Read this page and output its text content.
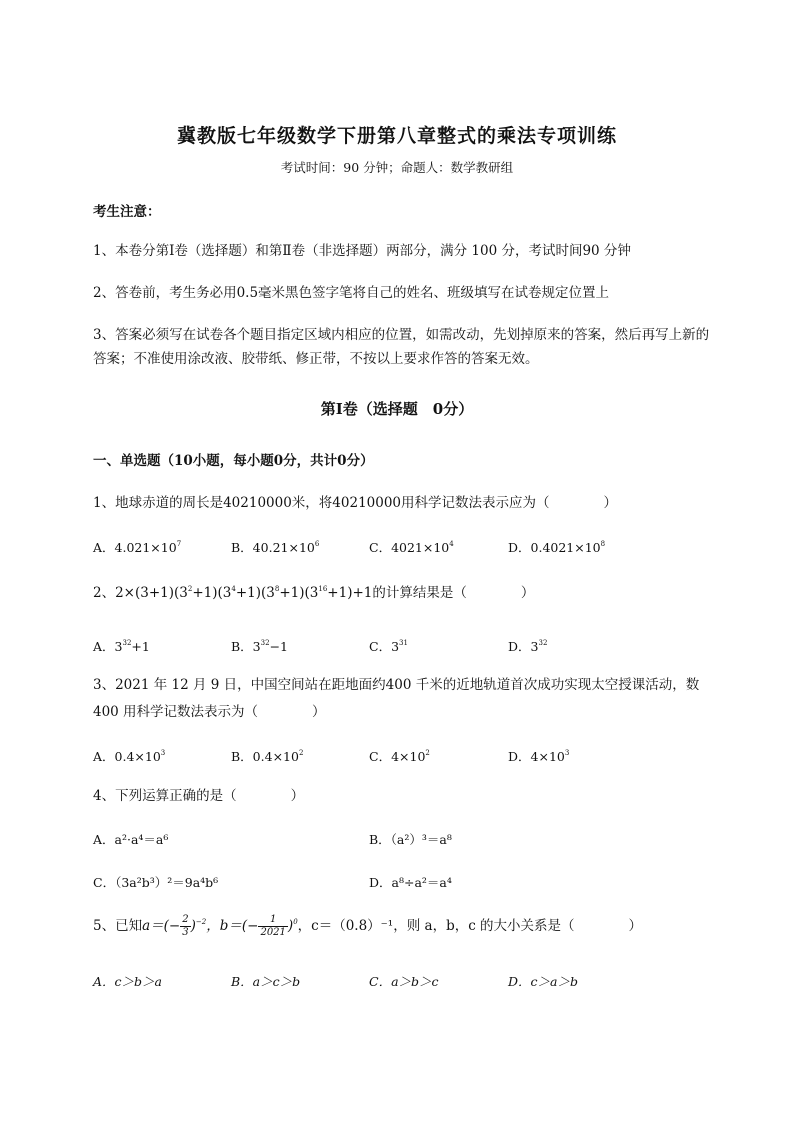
冀教版七年级数学下册第八章整式的乘法专项训练
考试时间：90 分钟；命题人：数学教研组
考生注意：
1、本卷分第Ⅰ卷（选择题）和第Ⅱ卷（非选择题）两部分，满分 100 分，考试时间90 分钟
2、答卷前，考生务必用0.5毫米黑色签字笔将自己的姓名、班级填写在试卷规定位置上
3、答案必须写在试卷各个题目指定区域内相应的位置，如需改动，先划掉原来的答案，然后再写上新的答案；不准使用涂改液、胶带纸、修正带，不按以上要求作答的答案无效。
第Ⅰ卷（选择题　0分）
一、单选题（10小题，每小题0分，共计0分）
1、地球赤道的周长是40210000米，将40210000用科学记数法表示应为（　　　　）
A．$4.021\times 10^7$	B．$40.21\times 10^6$	C．$4021\times 10^4$	D．$0.4021\times 10^8$
2、$2\times(3+1)(3^2+1)(3^4+1)(3^8+1)(3^{16}+1)+1$的计算结果是（　　　　）
A．$3^{32}+1$	B．$3^{32}-1$	C．$3^{31}$	D．$3^{32}$
3、2021 年 12 月 9 日，中国空间站在距地面约400 千米的近地轨道首次成功实现太空授课活动，数
400 用科学记数法表示为（　　　　）
A．$0.4\times 10^3$	B．$0.4\times 10^2$	C．$4\times 10^2$	D．$4\times 10^3$
4、下列运算正确的是（　　　　）
A．a²·a⁴＝a⁶	B．（a²）³＝a⁸
C．（3a²b³）²＝9a⁴b⁶	D．a⁸÷a²＝a⁴
5、已知$a=(- \frac{2}{3} )^{-2}$，$b=(- \frac{1}{2021} )^0$，c＝（0.8）⁻¹，则 a，b，c 的大小关系是（　　　　）
A．c＞b＞a	B．a＞c＞b	C．a＞b＞c	D．c＞a＞b
